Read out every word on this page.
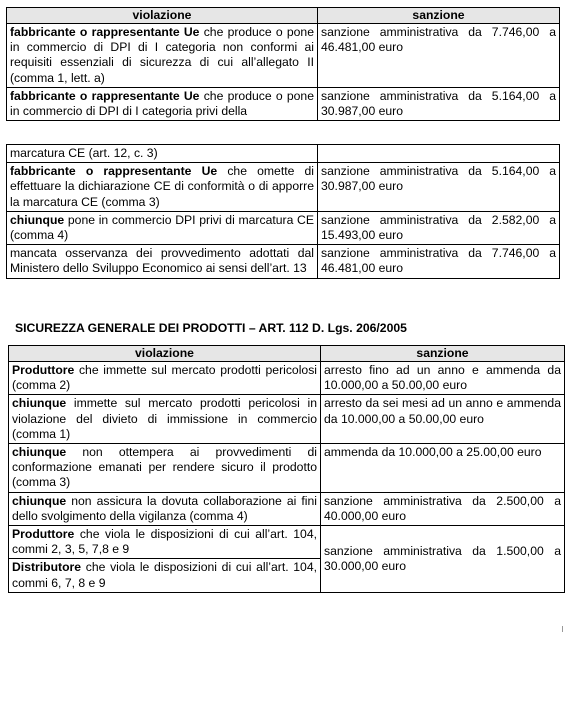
violazione	sanzione
fabbricante o rappresentante Ue che produce o pone in commercio di DPI di I categoria non conformi ai requisiti essenziali di sicurezza di cui all’allegato II (comma 1, lett. a)	sanzione amministrativa da 7.746,00 a 46.481,00 euro
fabbricante o rappresentante Ue che produce o pone in commercio di DPI di I categoria privi della	sanzione amministrativa da 5.164,00 a 30.987,00 euro
marcatura CE (art. 12, c. 3)	
fabbricante o rappresentante Ue che omette di effettuare la dichiarazione CE di conformità o di apporre la marcatura CE (comma 3)	sanzione amministrativa da 5.164,00 a 30.987,00 euro
chiunque pone in commercio DPI privi di marcatura CE (comma 4)	sanzione amministrativa da 2.582,00 a 15.493,00 euro
mancata osservanza dei provvedimento adottati dal Ministero dello Sviluppo Economico ai sensi dell’art. 13	sanzione amministrativa da 7.746,00 a 46.481,00 euro
SICUREZZA GENERALE DEI PRODOTTI – ART. 112 D. Lgs. 206/2005
violazione	sanzione
Produttore che immette sul mercato prodotti pericolosi (comma 2)	arresto fino ad un anno e ammenda da 10.000,00 a 50.00,00 euro
chiunque immette sul mercato prodotti pericolosi in violazione del divieto di immissione in commercio (comma 1)	arresto da sei mesi ad un anno e ammenda da 10.000,00 a 50.00,00 euro
chiunque non ottempera ai provvedimenti di conformazione emanati per rendere sicuro il prodotto (comma 3)	ammenda da 10.000,00 a 25.00,00 euro
chiunque non assicura la dovuta collaborazione ai fini dello svolgimento della vigilanza (comma 4)	sanzione amministrativa da 2.500,00 a 40.000,00 euro
Produttore che viola le disposizioni di cui all’art. 104, commi 2, 3, 5, 7,8 e 9	sanzione amministrativa da 1.500,00 a 30.000,00 euro
Distributore che viola le disposizioni di cui all’art. 104, commi 6, 7, 8 e 9	
